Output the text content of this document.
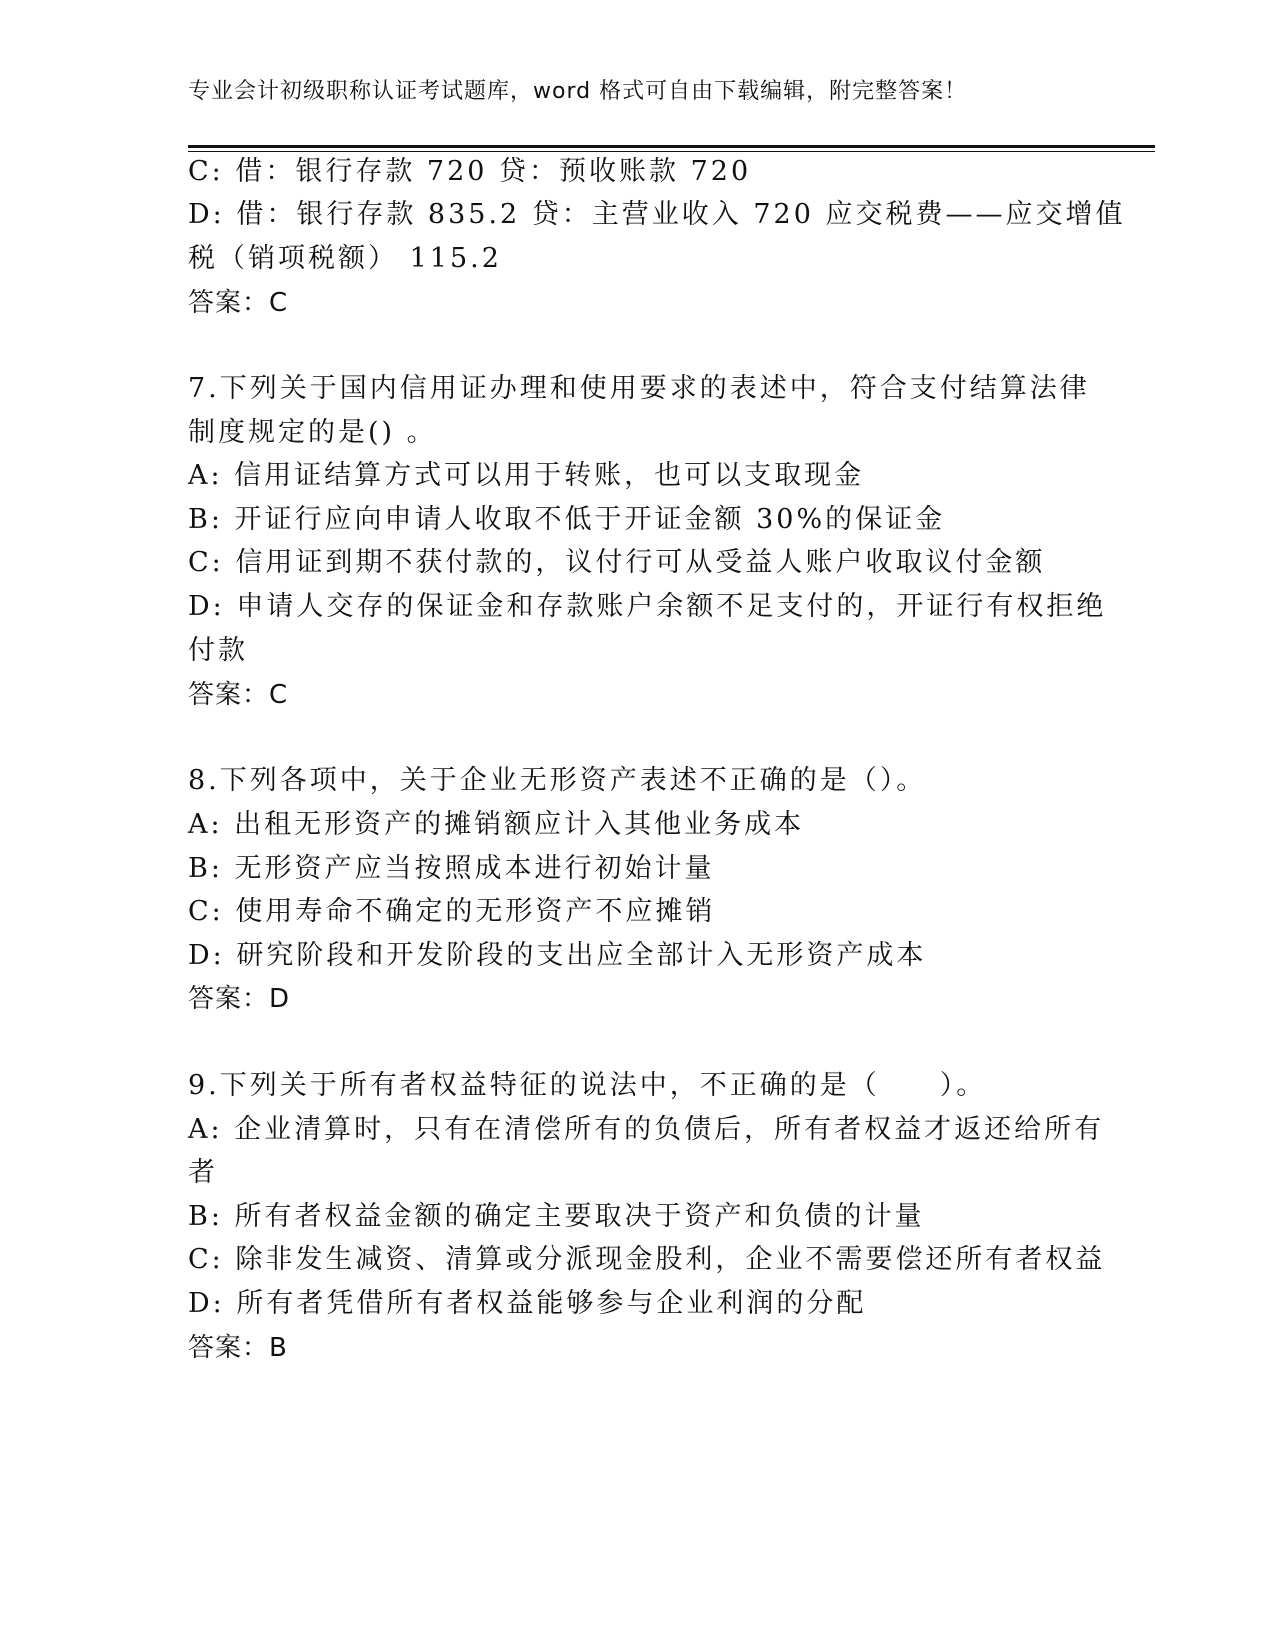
专业会计初级职称认证考试题库，word 格式可自由下载编辑，附完整答案！
C: 借：银行存款 720 贷：预收账款 720
D: 借：银行存款 835.2 贷：主营业收入 720 应交税费——应交增值
税（销项税额） 115.2
答案：C
7.下列关于国内信用证办理和使用要求的表述中，符合支付结算法律
制度规定的是() 。
A: 信用证结算方式可以用于转账，也可以支取现金
B: 开证行应向申请人收取不低于开证金额 30%的保证金
C: 信用证到期不获付款的，议付行可从受益人账户收取议付金额
D: 申请人交存的保证金和存款账户余额不足支付的，开证行有权拒绝
付款
答案：C
8.下列各项中，关于企业无形资产表述不正确的是（）。
A: 出租无形资产的摊销额应计入其他业务成本
B: 无形资产应当按照成本进行初始计量
C: 使用寿命不确定的无形资产不应摊销
D: 研究阶段和开发阶段的支出应全部计入无形资产成本
答案：D
9.下列关于所有者权益特征的说法中，不正确的是（　　）。
A: 企业清算时，只有在清偿所有的负债后，所有者权益才返还给所有
者
B: 所有者权益金额的确定主要取决于资产和负债的计量
C: 除非发生减资、清算或分派现金股利，企业不需要偿还所有者权益
D: 所有者凭借所有者权益能够参与企业利润的分配
答案：B
